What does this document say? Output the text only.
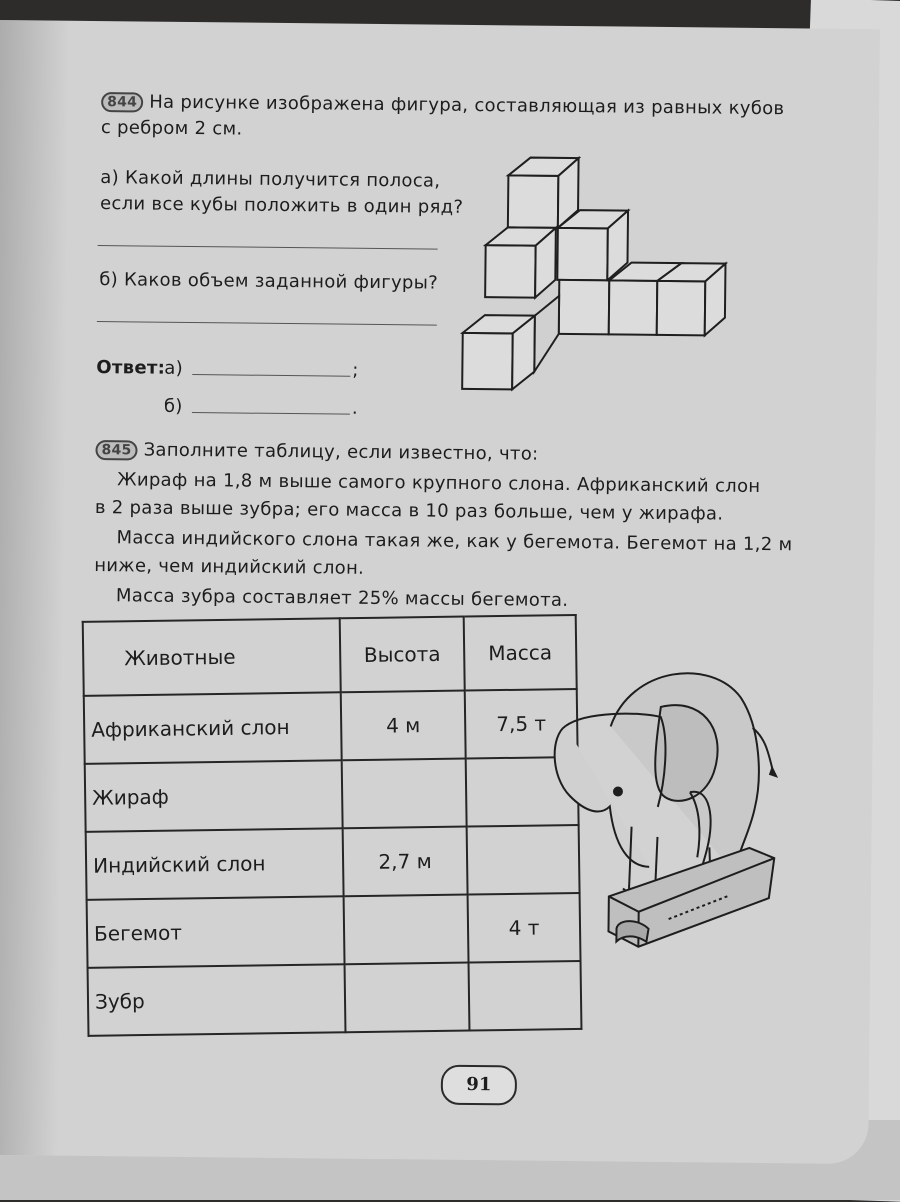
844 На рисунке изображена фигура, составляющая из равных кубов
с ребром 2 см.
а) Какой длины получится полоса,
если все кубы положить в один ряд?
б) Каков объем заданной фигуры?
Ответ: а)	;
б)	.
845 Заполните таблицу, если известно, что:
Жираф на 1,8 м выше самого крупного слона. Африканский слон
в 2 раза выше зубра; его масса в 10 раз больше, чем у жирафа.
Масса индийского слона такая же, как у бегемота. Бегемот на 1,2 м
ниже, чем индийский слон.
Масса зубра составляет 25% массы бегемота.
Животные	Высота	Масса
Африканский слон	4 м	7,5 т
Жираф		
Индийский слон	2,7 м	
Бегемот		4 т
Зубр		
91
